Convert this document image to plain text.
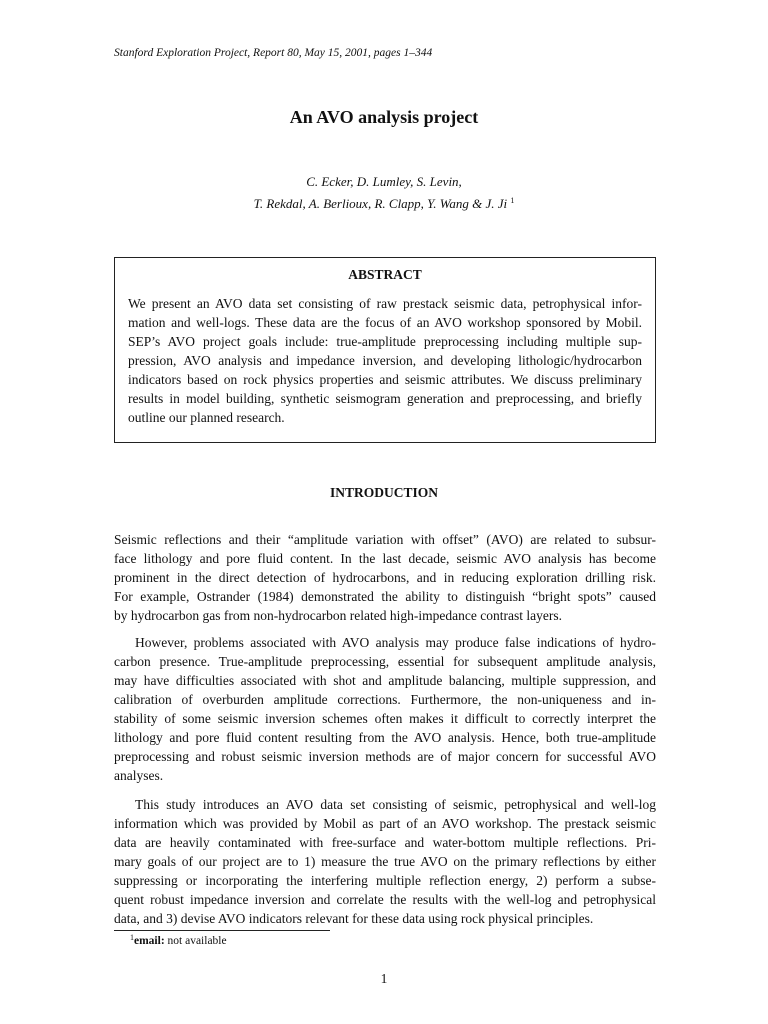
Stanford Exploration Project, Report 80, May 15, 2001, pages 1–344
An AVO analysis project
C. Ecker, D. Lumley, S. Levin,
T. Rekdal, A. Berlioux, R. Clapp, Y. Wang & J. Ji $^1$
ABSTRACT
We present an AVO data set consisting of raw prestack seismic data, petrophysical infor-
mation and well-logs. These data are the focus of an AVO workshop sponsored by Mobil.
SEP’s AVO project goals include: true-amplitude preprocessing including multiple sup-
pression, AVO analysis and impedance inversion, and developing lithologic/hydrocarbon
indicators based on rock physics properties and seismic attributes. We discuss preliminary
results in model building, synthetic seismogram generation and preprocessing, and briefly
outline our planned research.
INTRODUCTION
Seismic reflections and their “amplitude variation with offset” (AVO) are related to subsur-
face lithology and pore fluid content. In the last decade, seismic AVO analysis has become
prominent in the direct detection of hydrocarbons, and in reducing exploration drilling risk.
For example, Ostrander (1984) demonstrated the ability to distinguish “bright spots” caused
by hydrocarbon gas from non-hydrocarbon related high-impedance contrast layers.
However, problems associated with AVO analysis may produce false indications of hydro-
carbon presence. True-amplitude preprocessing, essential for subsequent amplitude analysis,
may have difficulties associated with shot and amplitude balancing, multiple suppression, and
calibration of overburden amplitude corrections. Furthermore, the non-uniqueness and in-
stability of some seismic inversion schemes often makes it difficult to correctly interpret the
lithology and pore fluid content resulting from the AVO analysis. Hence, both true-amplitude
preprocessing and robust seismic inversion methods are of major concern for successful AVO
analyses.
This study introduces an AVO data set consisting of seismic, petrophysical and well-log
information which was provided by Mobil as part of an AVO workshop. The prestack seismic
data are heavily contaminated with free-surface and water-bottom multiple reflections. Pri-
mary goals of our project are to 1) measure the true AVO on the primary reflections by either
suppressing or incorporating the interfering multiple reflection energy, 2) perform a subse-
quent robust impedance inversion and correlate the results with the well-log and petrophysical
data, and 3) devise AVO indicators relevant for these data using rock physical principles.
$^1$email: not available
1
